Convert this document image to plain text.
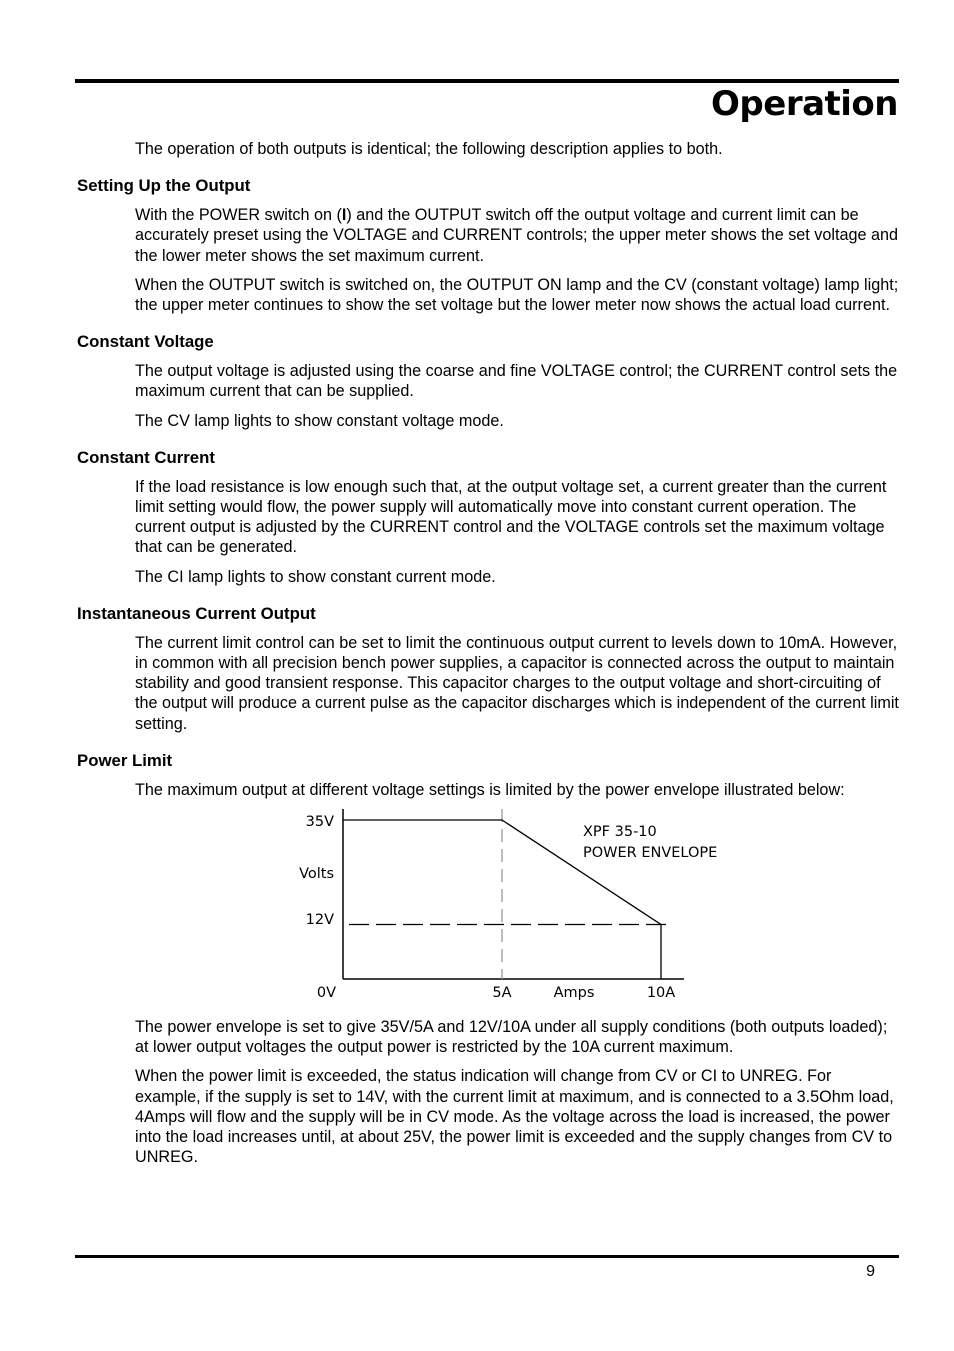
Operation

The operation of both outputs is identical; the following description applies to both.

Setting Up the Output

With the POWER switch on (I) and the OUTPUT switch off the output voltage and current limit can be accurately preset using the VOLTAGE and CURRENT controls; the upper meter shows the set voltage and the lower meter shows the set maximum current.

When the OUTPUT switch is switched on, the OUTPUT ON lamp and the CV (constant voltage) lamp light; the upper meter continues to show the set voltage but the lower meter now shows the actual load current.

Constant Voltage

The output voltage is adjusted using the coarse and fine VOLTAGE control; the CURRENT control sets the maximum current that can be supplied.

The CV lamp lights to show constant voltage mode.

Constant Current

If the load resistance is low enough such that, at the output voltage set, a current greater than the current limit setting would flow, the power supply will automatically move into constant current operation. The current output is adjusted by the CURRENT control and the VOLTAGE controls set the maximum voltage that can be generated.

The CI lamp lights to show constant current mode.

Instantaneous Current Output

The current limit control can be set to limit the continuous output current to levels down to 10mA. However, in common with all precision bench power supplies, a capacitor is connected across the output to maintain stability and good transient response. This capacitor charges to the output voltage and short-circuiting of the output will produce a current pulse as the capacitor discharges which is independent of the current limit setting.

Power Limit

The maximum output at different voltage settings is limited by the power envelope illustrated below:

35V
Volts
12V
0V	5A	Amps	10A
XPF 35-10
POWER ENVELOPE

The power envelope is set to give 35V/5A and 12V/10A under all supply conditions (both outputs loaded); at lower output voltages the output power is restricted by the 10A current maximum.

When the power limit is exceeded, the status indication will change from CV or CI to UNREG. For example, if the supply is set to 14V, with the current limit at maximum, and is connected to a 3.5Ohm load, 4Amps will flow and the supply will be in CV mode. As the voltage across the load is increased, the power into the load increases until, at about 25V, the power limit is exceeded and the supply changes from CV to UNREG.

9
